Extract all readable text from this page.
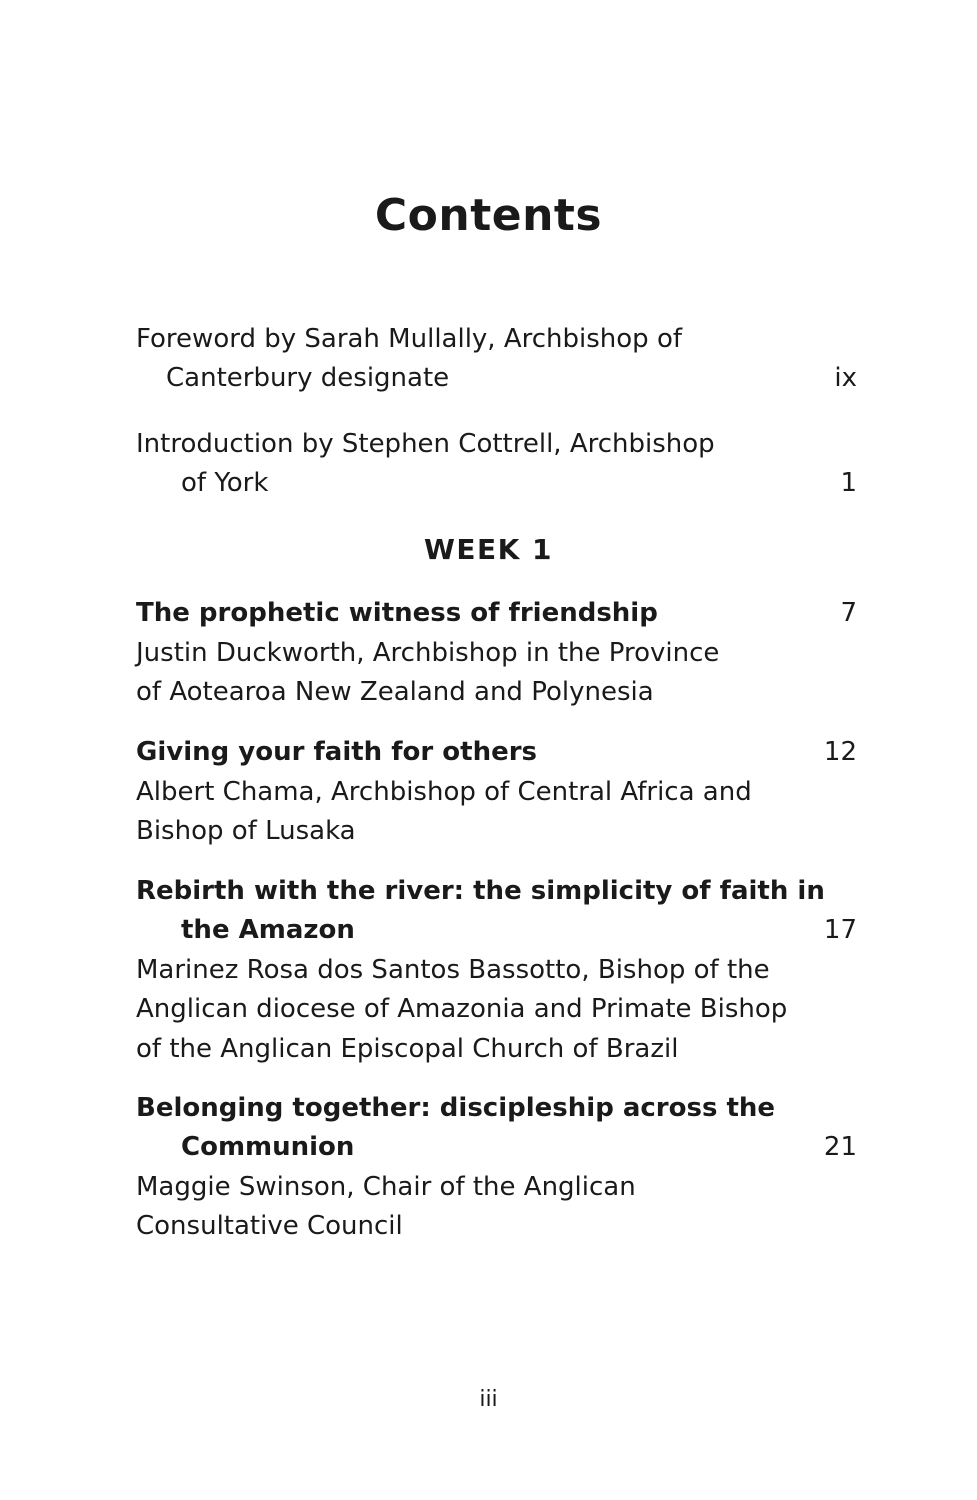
Contents
Foreword by Sarah Mullally, Archbishop of
Canterbury designate	ix
Introduction by Stephen Cottrell, Archbishop
of York	1
WEEK 1
The prophetic witness of friendship	7
Justin Duckworth, Archbishop in the Province
of Aotearoa New Zealand and Polynesia
Giving your faith for others	12
Albert Chama, Archbishop of Central Africa and
Bishop of Lusaka
Rebirth with the river: the simplicity of faith in
the Amazon	17
Marinez Rosa dos Santos Bassotto, Bishop of the
Anglican diocese of Amazonia and Primate Bishop
of the Anglican Episcopal Church of Brazil
Belonging together: discipleship across the
Communion	21
Maggie Swinson, Chair of the Anglican
Consultative Council
iii
